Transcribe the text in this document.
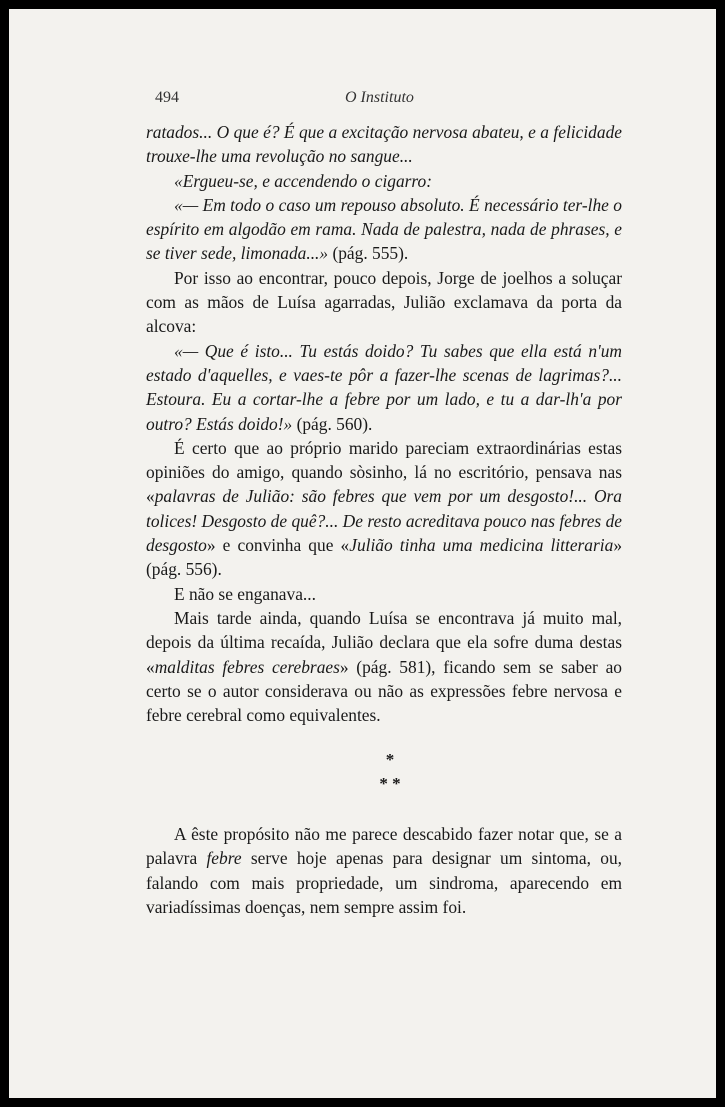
494	O Instituto

ratados... O que é? É que a excitação nervosa abateu, e a felicidade trouxe-lhe uma revolução no sangue...

«Ergueu-se, e accendendo o cigarro:

«— Em todo o caso um repouso absoluto. É necessário ter-lhe o espírito em algodão em rama. Nada de palestra, nada de phrases, e se tiver sede, limonada...» (pág. 555).

Por isso ao encontrar, pouco depois, Jorge de joelhos a soluçar com as mãos de Luísa agarradas, Julião exclamava da porta da alcova:

«— Que é isto... Tu estás doido? Tu sabes que ella está n'um estado d'aquelles, e vaes-te pôr a fazer-lhe scenas de lagrimas?... Estoura. Eu a cortar-lhe a febre por um lado, e tu a dar-lh'a por outro? Estás doido!» (pág. 560).

É certo que ao próprio marido pareciam extraordinárias estas opiniões do amigo, quando sòsinho, lá no escritório, pensava nas «palavras de Julião: são febres que vem por um desgosto!... Ora tolices! Desgosto de quê?... De resto acreditava pouco nas febres de desgosto» e convinha que «Julião tinha uma medicina litteraria» (pág. 556).

E não se enganava...

Mais tarde ainda, quando Luísa se encontrava já muito mal, depois da última recaída, Julião declara que ela sofre duma destas «malditas febres cerebraes» (pág. 581), ficando sem se saber ao certo se o autor considerava ou não as expressões febre nervosa e febre cerebral como equivalentes.

*
* *

A êste propósito não me parece descabido fazer notar que, se a palavra febre serve hoje apenas para designar um sintoma, ou, falando com mais propriedade, um sindroma, aparecendo em variadíssimas doenças, nem sempre assim foi.
